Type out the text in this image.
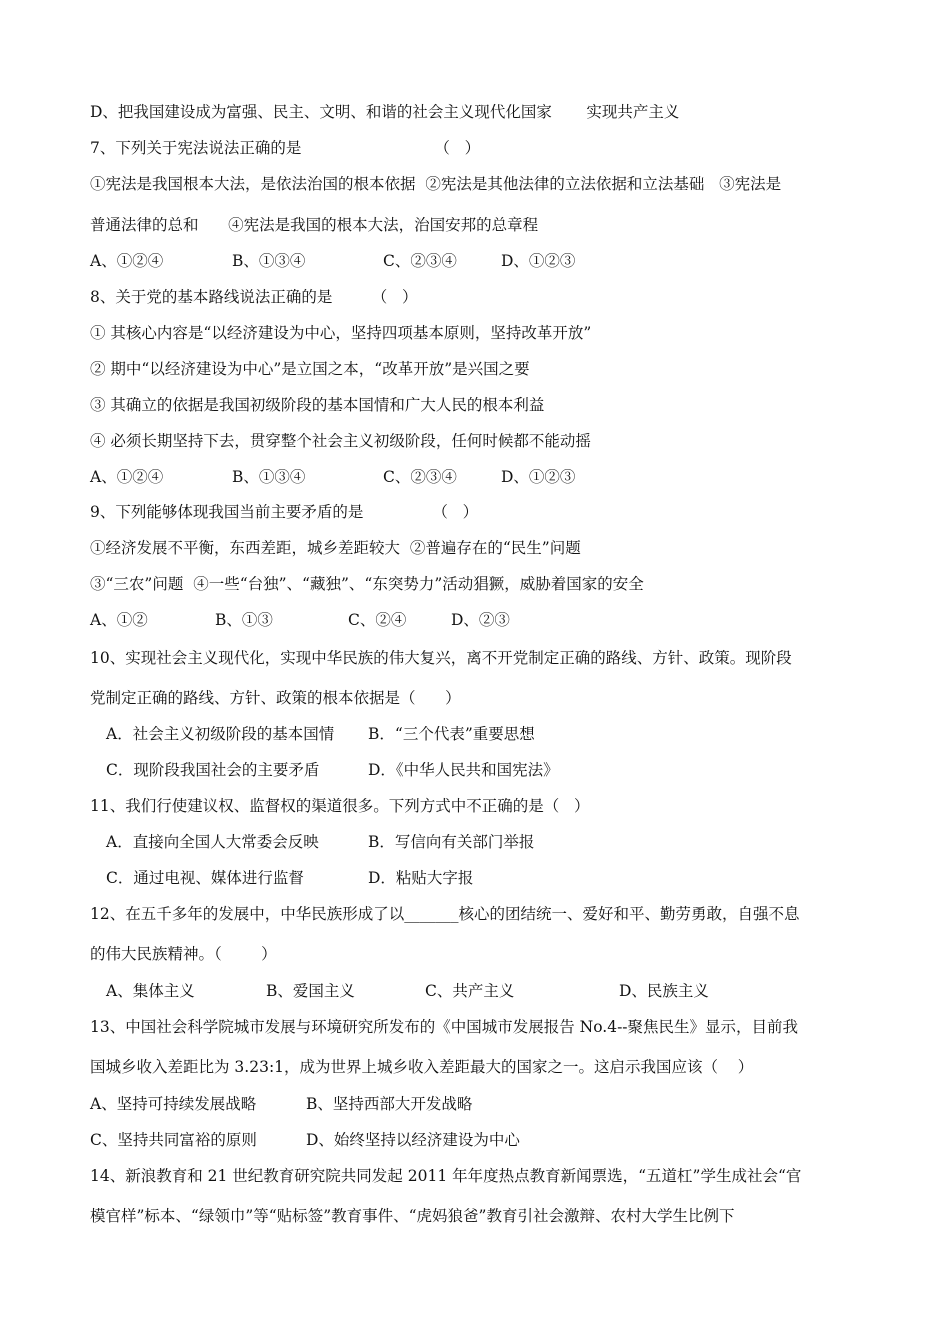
D、把我国建设成为富强、民主、文明、和谐的社会主义现代化国家       实现共产主义
7、下列关于宪法说法正确的是                           （   ）
①宪法是我国根本大法，是依法治国的根本依据  ②宪法是其他法律的立法依据和立法基础   ③宪法是
普通法律的总和      ④宪法是我国的根本大法，治国安邦的总章程
A、①②④	B、①③④	C、②③④	D、①②③
8、关于党的基本路线说法正确的是        （   ）
① 其核心内容是“以经济建设为中心，坚持四项基本原则，坚持改革开放”
② 期中“以经济建设为中心”是立国之本，“改革开放”是兴国之要
③ 其确立的依据是我国初级阶段的基本国情和广大人民的根本利益
④ 必须长期坚持下去，贯穿整个社会主义初级阶段，任何时候都不能动摇
A、①②④	B、①③④	C、②③④	D、①②③
9、下列能够体现我国当前主要矛盾的是              （   ）
①经济发展不平衡，东西差距，城乡差距较大  ②普遍存在的“民生”问题
③“三农”问题  ④一些“台独”、“藏独”、“东突势力”活动猖獗，威胁着国家的安全
A、①②	B、①③	C、②④	D、②③
10、实现社会主义现代化，实现中华民族的伟大复兴，离不开党制定正确的路线、方针、政策。现阶段
党制定正确的路线、方针、政策的根本依据是（      ）
A．社会主义初级阶段的基本国情 B．“三个代表”重要思想
C．现阶段我国社会的主要矛盾	D．《中华人民共和国宪法》
11、我们行使建议权、监督权的渠道很多。下列方式中不正确的是（   ）
A．直接向全国人大常委会反映	B．写信向有关部门举报
C．通过电视、媒体进行监督	D．粘贴大字报
12、在五千多年的发展中，中华民族形成了以_______核心的团结统一、爱好和平、勤劳勇敢，自强不息
的伟大民族精神。（        ）
A、集体主义	B、爱国主义	C、共产主义	D、民族主义
13、中国社会科学院城市发展与环境研究所发布的《中国城市发展报告 No.4--聚焦民生》显示，目前我
国城乡收入差距比为 3.23:1，成为世界上城乡收入差距最大的国家之一。这启示我国应该（    ）
A、坚持可持续发展战略	B、坚持西部大开发战略
C、坚持共同富裕的原则	D、始终坚持以经济建设为中心
14、新浪教育和 21 世纪教育研究院共同发起 2011 年年度热点教育新闻票选，“五道杠”学生成社会“官
模官样”标本、“绿领巾”等“贴标签”教育事件、“虎妈狼爸”教育引社会激辩、农村大学生比例下
